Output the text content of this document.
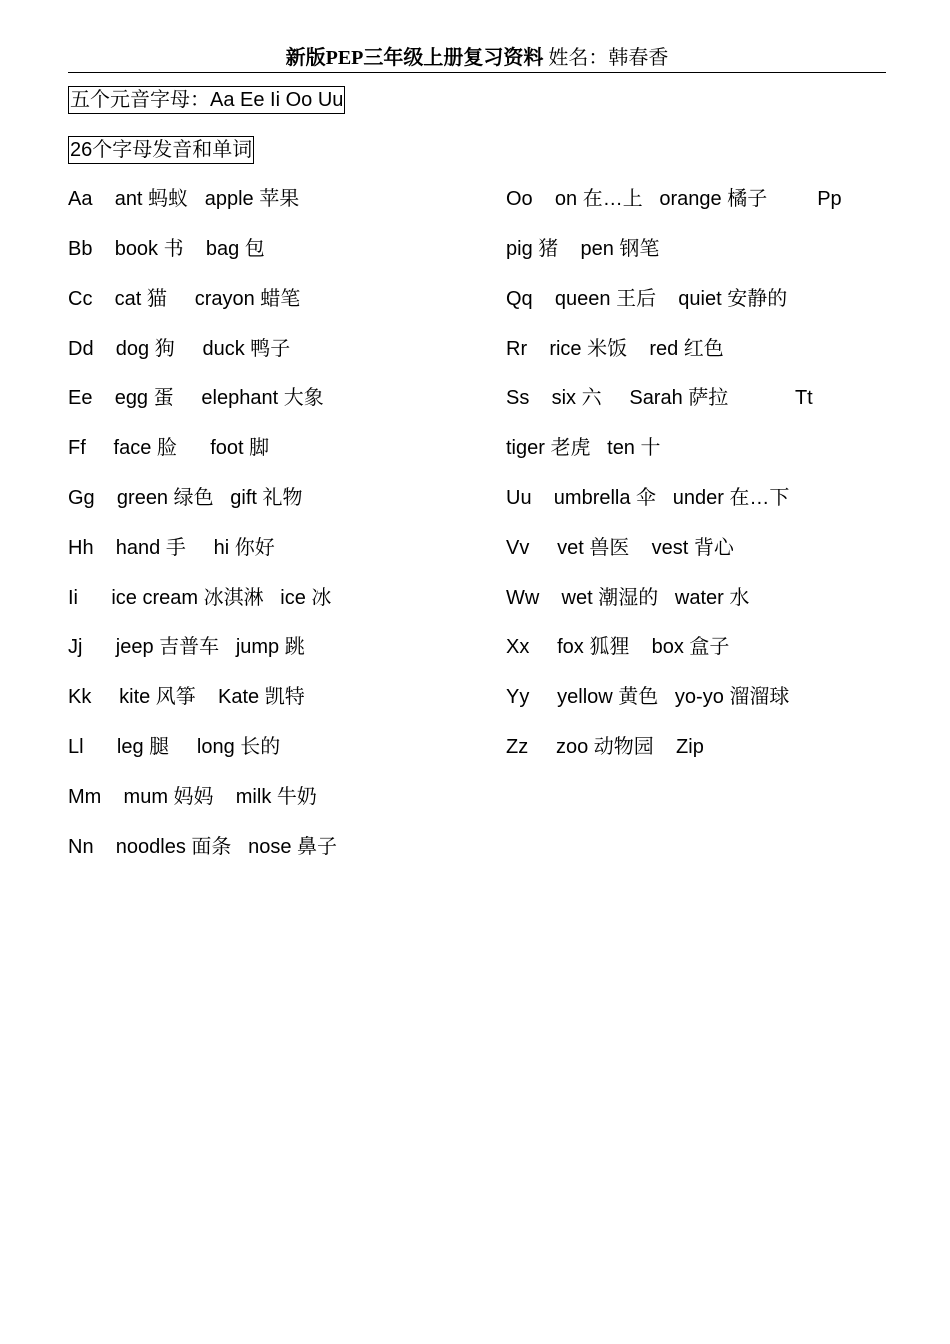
新版PEP三年级上册复习资料 姓名：韩春香
五个元音字母：Aa Ee Ii Oo Uu
26个字母发音和单词
Aa    ant 蚂蚁   apple 苹果
Bb    book 书    bag 包
Cc    cat 猫     crayon 蜡笔
Dd    dog 狗     duck 鸭子
Ee    egg 蛋     elephant 大象
Ff     face 脸      foot 脚
Gg    green 绿色   gift 礼物
Hh    hand 手     hi 你好
Ii      ice cream 冰淇淋   ice 冰
Jj      jeep 吉普车   jump 跳
Kk     kite 风筝    Kate 凯特
Ll      leg 腿     long 长的
Mm    mum 妈妈    milk 牛奶
Nn    noodles 面条   nose 鼻子
Oo    on 在…上   orange 橘子         Pp
pig 猪    pen 钢笔
Qq    queen 王后    quiet 安静的
Rr    rice 米饭    red 红色
Ss    six 六     Sarah 萨拉            Tt
tiger 老虎   ten 十
Uu    umbrella 伞   under 在…下
Vv     vet 兽医    vest 背心
Ww    wet 潮湿的   water 水
Xx     fox 狐狸    box 盒子
Yy     yellow 黄色   yo-yo 溜溜球
Zz     zoo 动物园    Zip
